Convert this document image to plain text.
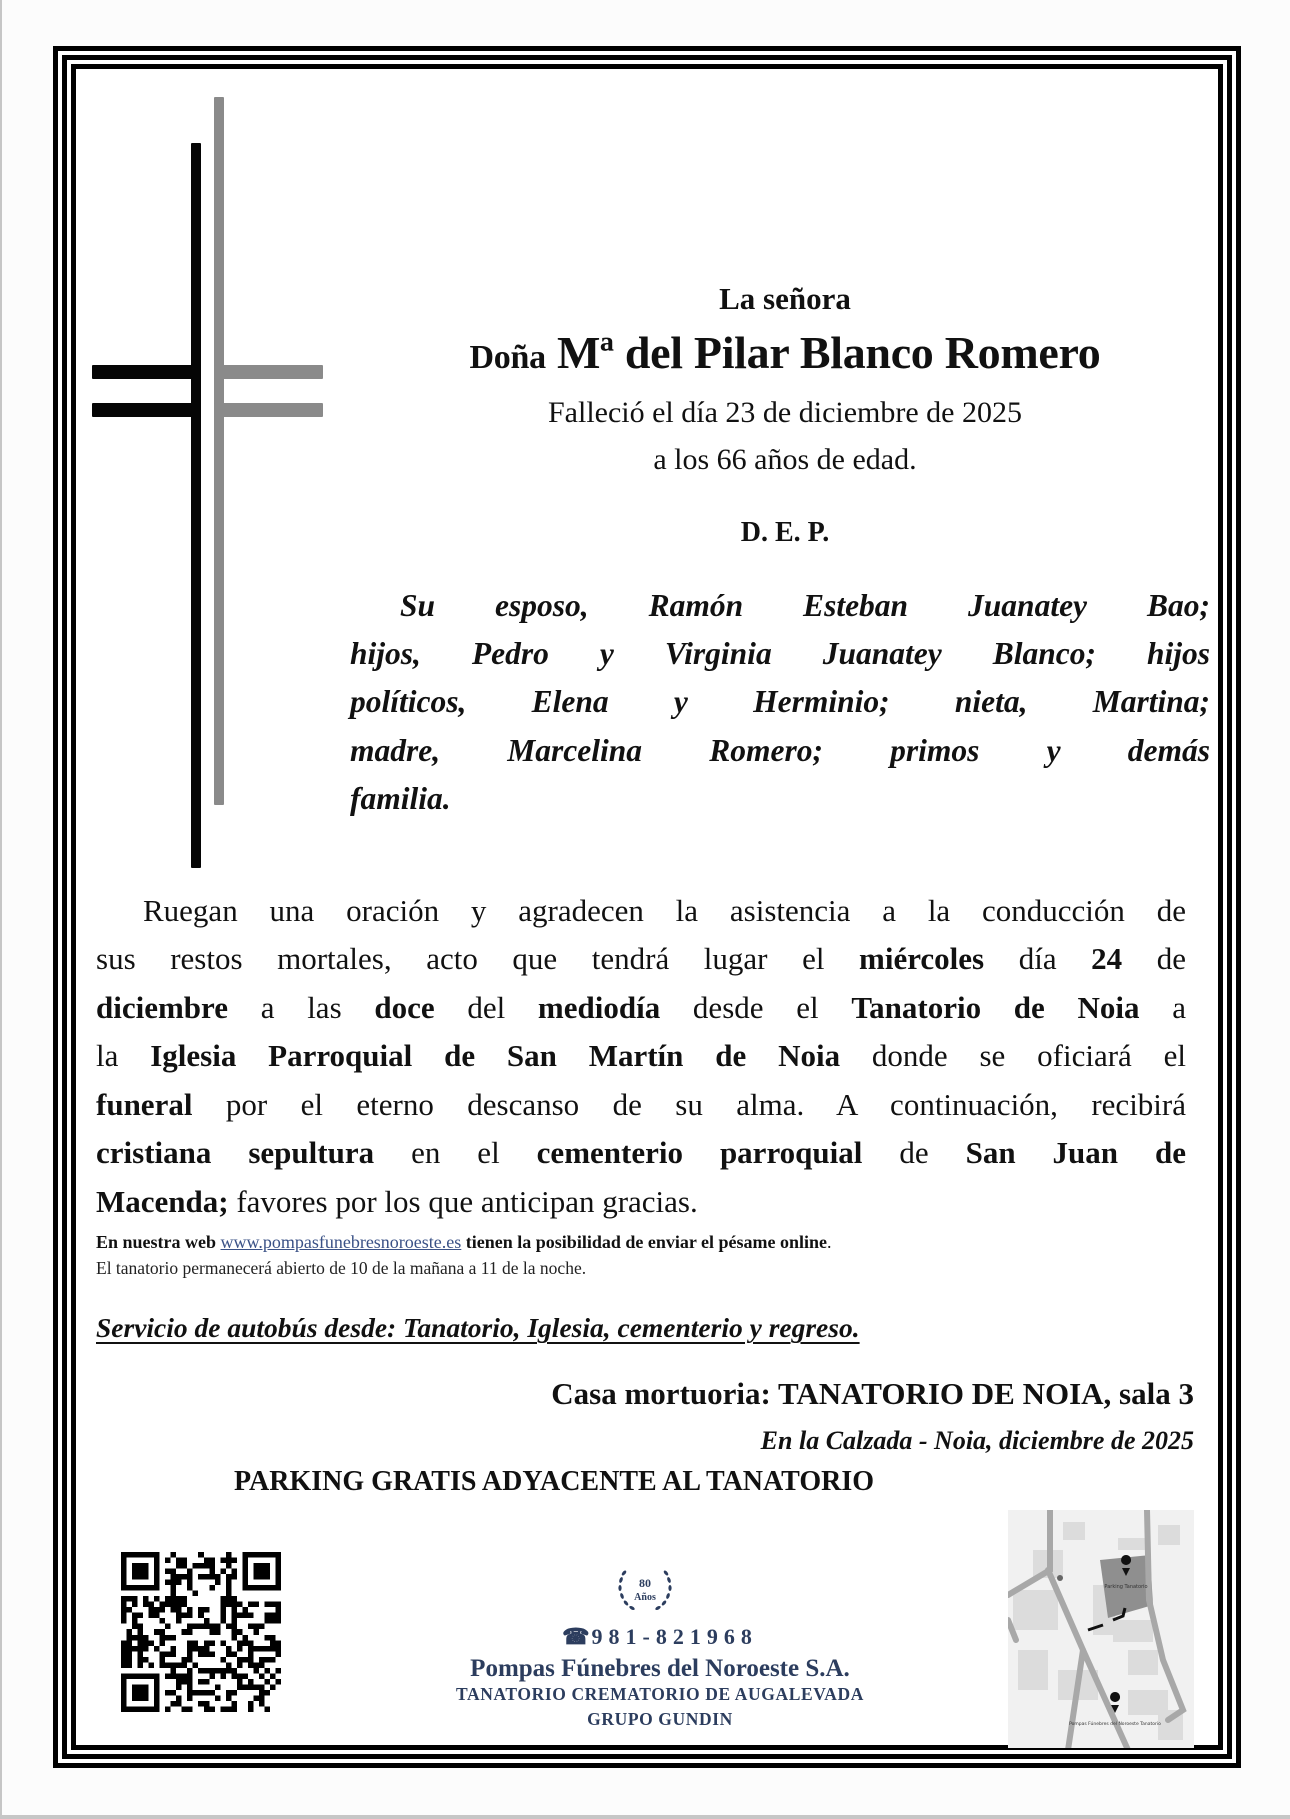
La señora
Doña Mª del Pilar Blanco Romero
Falleció el día 23 de diciembre de 2025
a los 66 años de edad.
D. E. P.
Su esposo, Ramón Esteban Juanatey Bao;
hijos, Pedro y Virginia Juanatey Blanco; hijos
políticos, Elena y Herminio; nieta, Martina;
madre, Marcelina Romero; primos y demás
familia.
Ruegan una oración y agradecen la asistencia a la conducción de
sus restos mortales, acto que tendrá lugar el miércoles día 24 de
diciembre a las doce del mediodía desde el Tanatorio de Noia a
la Iglesia Parroquial de San Martín de Noia donde se oficiará el
funeral por el eterno descanso de su alma. A continuación, recibirá
cristiana sepultura en el cementerio parroquial de San Juan de
Macenda; favores por los que anticipan gracias.
En nuestra web www.pompasfunebresnoroeste.es tienen la posibilidad de enviar el pésame online.
El tanatorio permanecerá abierto de 10 de la mañana a 11 de la noche.
Servicio de autobús desde: Tanatorio, Iglesia, cementerio y regreso.
Casa mortuoria: TANATORIO DE NOIA, sala 3
En la Calzada - Noia, diciembre de 2025
PARKING GRATIS ADYACENTE AL TANATORIO
80
Años
☎981-821968
Pompas Fúnebres del Noroeste S.A.
TANATORIO CREMATORIO DE AUGALEVADA
GRUPO GUNDIN
Parking Tanatorio
Pompas Fúnebres del Noroeste Tanatorio
